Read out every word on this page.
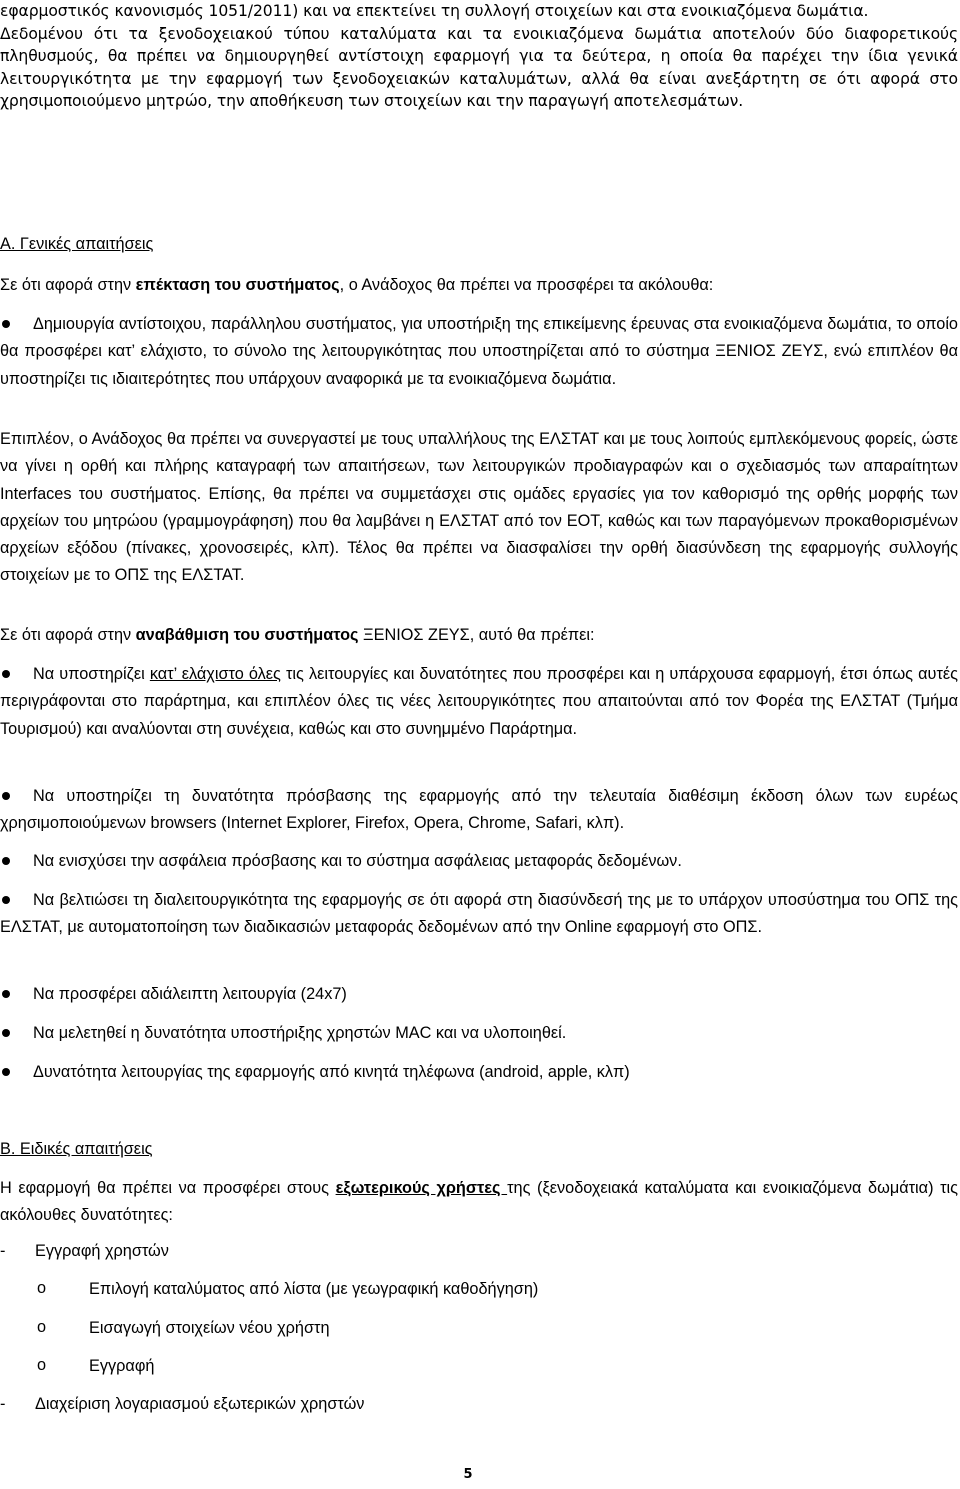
εφαρμοστικός κανονισμός 1051/2011) και να επεκτείνει τη συλλογή στοιχείων και στα ενοικιαζόμενα δωμάτια.
Δεδομένου ότι τα ξενοδοχειακού τύπου καταλύματα και τα ενοικιαζόμενα δωμάτια αποτελούν δύο διαφορετικούς πληθυσμούς, θα πρέπει να δημιουργηθεί αντίστοιχη εφαρμογή για τα δεύτερα, η οποία θα παρέχει την ίδια γενικά λειτουργικότητα με την εφαρμογή των ξενοδοχειακών καταλυμάτων, αλλά θα είναι ανεξάρτητη σε ότι αφορά στο χρησιμοποιούμενο μητρώο, την αποθήκευση των στοιχείων και την παραγωγή αποτελεσμάτων.
Α. Γενικές απαιτήσεις
Σε ότι αφορά στην επέκταση του συστήματος, ο Ανάδοχος θα πρέπει να προσφέρει τα ακόλουθα:
Δημιουργία αντίστοιχου, παράλληλου συστήματος, για υποστήριξη της επικείμενης έρευνας στα ενοικιαζόμενα δωμάτια, το οποίο θα προσφέρει κατ’ ελάχιστο, το σύνολο της λειτουργικότητας που υποστηρίζεται από το σύστημα ΞΕΝΙΟΣ ΖΕΥΣ, ενώ επιπλέον θα υποστηρίζει τις ιδιαιτερότητες που υπάρχουν αναφορικά με τα ενοικιαζόμενα δωμάτια.
Επιπλέον, ο Ανάδοχος θα πρέπει να συνεργαστεί με τους υπαλλήλους της ΕΛΣΤΑΤ και με τους λοιπούς εμπλεκόμενους φορείς, ώστε να γίνει η ορθή και πλήρης καταγραφή των απαιτήσεων, των λειτουργικών προδιαγραφών και ο σχεδιασμός των απαραίτητων Interfaces του συστήματος. Επίσης, θα πρέπει να συμμετάσχει στις ομάδες εργασίες για τον καθορισμό της ορθής μορφής των αρχείων του μητρώου (γραμμογράφηση) που θα λαμβάνει η ΕΛΣΤΑΤ από τον ΕΟΤ, καθώς και των παραγόμενων προκαθορισμένων αρχείων εξόδου (πίνακες, χρονοσειρές, κλπ). Τέλος θα πρέπει να διασφαλίσει την ορθή διασύνδεση της εφαρμογής συλλογής στοιχείων με το ΟΠΣ της ΕΛΣΤΑΤ.
Σε ότι αφορά στην αναβάθμιση του συστήματος ΞΕΝΙΟΣ ΖΕΥΣ, αυτό θα πρέπει:
Να υποστηρίζει κατ’ ελάχιστο όλες τις λειτουργίες και δυνατότητες που προσφέρει και η υπάρχουσα εφαρμογή, έτσι όπως αυτές περιγράφονται στο παράρτημα, και επιπλέον όλες τις νέες λειτουργικότητες που απαιτούνται από τον Φορέα της ΕΛΣΤΑΤ (Τμήμα Τουρισμού) και αναλύονται στη συνέχεια, καθώς και στο συνημμένο Παράρτημα.
Να υποστηρίζει τη δυνατότητα πρόσβασης της εφαρμογής από την τελευταία διαθέσιμη έκδοση όλων των ευρέως χρησιμοποιούμενων browsers (Internet Explorer, Firefox, Opera, Chrome, Safari, κλπ).
Να ενισχύσει την ασφάλεια πρόσβασης και το σύστημα ασφάλειας μεταφοράς δεδομένων.
Να βελτιώσει τη διαλειτουργικότητα της εφαρμογής σε ότι αφορά στη διασύνδεσή της με το υπάρχον υποσύστημα του ΟΠΣ της ΕΛΣΤΑΤ, με αυτοματοποίηση των διαδικασιών μεταφοράς δεδομένων από την Online εφαρμογή στο ΟΠΣ.
Να προσφέρει αδιάλειπτη λειτουργία (24x7)
Να μελετηθεί η δυνατότητα υποστήριξης χρηστών MAC και να υλοποιηθεί.
Δυνατότητα λειτουργίας της εφαρμογής από κινητά τηλέφωνα (android, apple, κλπ)
Β. Ειδικές απαιτήσεις
Η εφαρμογή θα πρέπει να προσφέρει στους εξωτερικούς χρήστες της (ξενοδοχειακά καταλύματα και ενοικιαζόμενα δωμάτια) τις ακόλουθες δυνατότητες:
- Εγγραφή χρηστών
o	Επιλογή καταλύματος από λίστα (με γεωγραφική καθοδήγηση)
o	Εισαγωγή στοιχείων νέου χρήστη
o	Εγγραφή
- Διαχείριση λογαριασμού εξωτερικών χρηστών
5
